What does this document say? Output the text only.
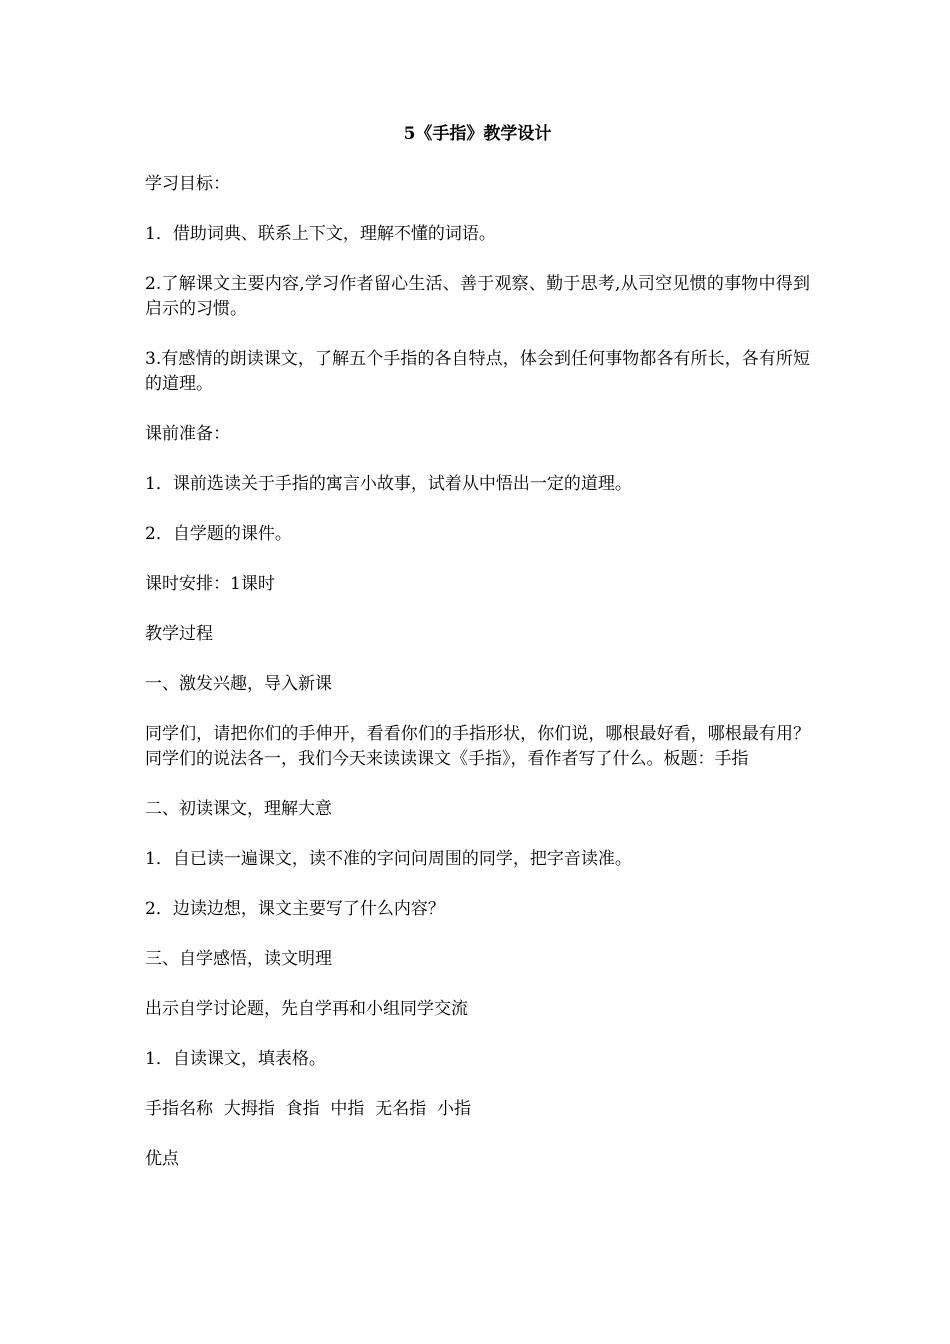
5《手指》教学设计
学习目标：
1．借助词典、联系上下文，理解不懂的词语。
2.了解课文主要内容,学习作者留心生活、善于观察、勤于思考,从司空见惯的事物中得到启示的习惯。
3.有感情的朗读课文，了解五个手指的各自特点，体会到任何事物都各有所长，各有所短的道理。
课前准备：
1．课前选读关于手指的寓言小故事，试着从中悟出一定的道理。
2．自学题的课件。
课时安排：1课时
教学过程
一、激发兴趣，导入新课
同学们，请把你们的手伸开，看看你们的手指形状，你们说，哪根最好看，哪根最有用？同学们的说法各一，我们今天来读读课文《手指》，看作者写了什么。板题：手指
二、初读课文，理解大意
1．自已读一遍课文，读不准的字问问周围的同学，把字音读准。
2．边读边想，课文主要写了什么内容？
三、自学感悟，读文明理
出示自学讨论题，先自学再和小组同学交流
1．自读课文，填表格。
手指名称  大拇指  食指  中指  无名指  小指
优点
